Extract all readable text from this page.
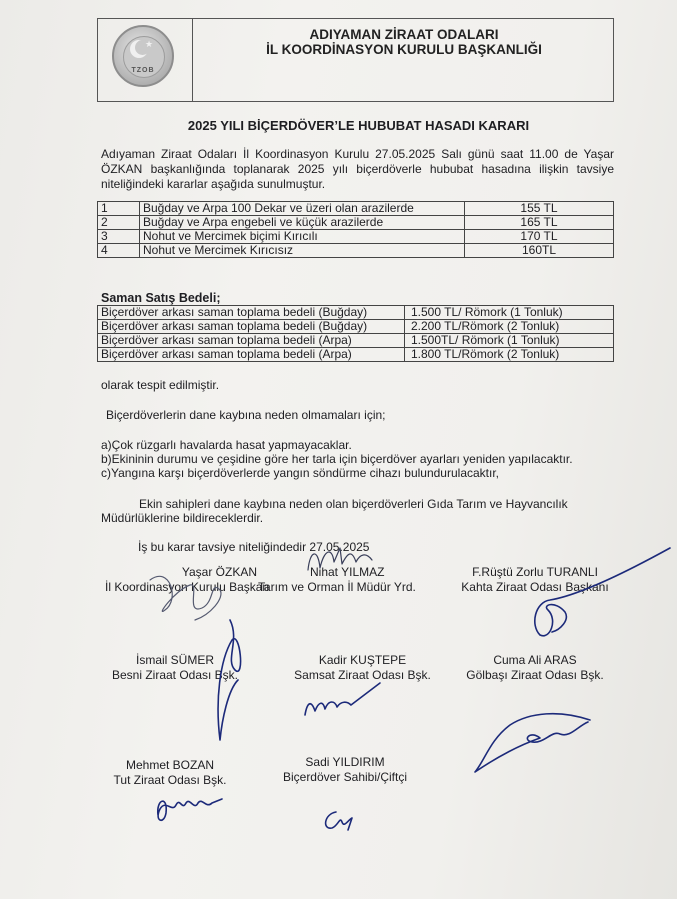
★
TZOB
ADIYAMAN ZİRAAT ODALARI
İL KOORDİNASYON KURULU BAŞKANLIĞI
2025 YILI BİÇERDÖVER’LE HUBUBAT HASADI KARARI

Adıyaman Ziraat Odaları İl Koordinasyon Kurulu 27.05.2025 Salı günü saat 11.00 de Yaşar ÖZKAN başkanlığında toplanarak 2025 yılı biçerdöverle hububat hasadına ilişkin tavsiye niteliğindeki kararlar aşağıda sunulmuştur.

1	Buğday ve Arpa 100 Dekar ve üzeri olan arazilerde	155 TL
2	Buğday ve Arpa engebeli ve küçük arazilerde	165 TL
3	Nohut ve Mercimek biçimi Kırıcılı	170 TL
4	Nohut ve Mercimek Kırıcısız	160TL
Saman Satış Bedeli;
Biçerdöver arkası saman toplama bedeli (Buğday)	1.500 TL/ Römork (1 Tonluk)
Biçerdöver arkası saman toplama bedeli (Buğday)	2.200 TL/Römork (2 Tonluk)
Biçerdöver arkası saman toplama bedeli (Arpa)	1.500TL/ Römork (1 Tonluk)
Biçerdöver arkası saman toplama bedeli (Arpa)	1.800 TL/Römork (2 Tonluk)
olarak tespit edilmiştir.
Biçerdöverlerin dane kaybına neden olmamaları için;
a)Çok rüzgarlı havalarda hasat yapmayacaklar.
b)Ekininin durumu ve çeşidine göre her tarla için biçerdöver ayarları yeniden yapılacaktır.
c)Yangına karşı biçerdöverlerde yangın söndürme cihazı bulundurulacaktır,
Ekin sahipleri dane kaybına neden olan biçerdöverleri Gıda Tarım ve Hayvancılık
Müdürlüklerine bildireceklerdir.
İş bu karar tavsiye niteliğindedir 27.05.2025
Yaşar ÖZKAN
İl Koordinasyon Kurulu Başkan
Nihat YILMAZ
Tarım ve Orman İl Müdür Yrd.
F.Rüştü Zorlu TURANLI
Kahta Ziraat Odası Başkanı
İsmail SÜMER
Besni Ziraat Odası Bşk.
Kadir KUŞTEPE
Samsat Ziraat Odası Bşk.
Cuma Ali ARAS
Gölbaşı Ziraat Odası Bşk.
Mehmet BOZAN
Tut Ziraat Odası Bşk.
Sadi YILDIRIM
Biçerdöver Sahibi/Çiftçi
